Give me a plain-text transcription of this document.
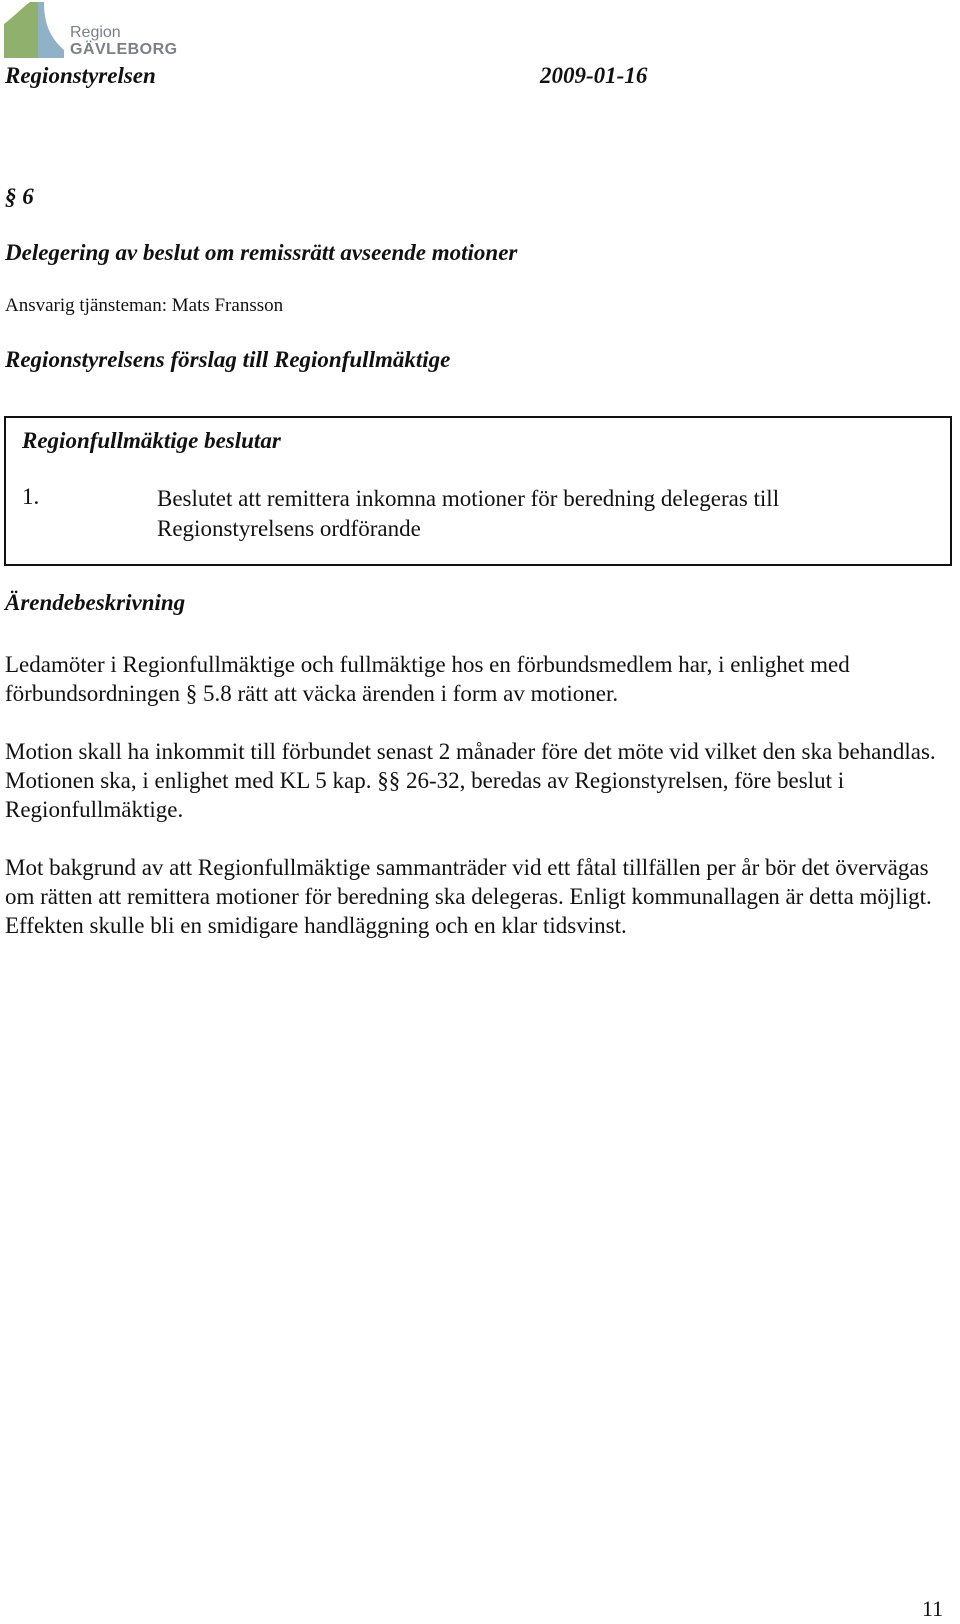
Region
GÄVLEBORG
Regionstyrelsen	2009-01-16
§ 6
Delegering av beslut om remissrätt avseende motioner
Ansvarig tjänsteman: Mats Fransson
Regionstyrelsens förslag till Regionfullmäktige
Regionfullmäktige beslutar
1.	Beslutet att remittera inkomna motioner för beredning delegeras till Regionstyrelsens ordförande
Ärendebeskrivning
Ledamöter i Regionfullmäktige och fullmäktige hos en förbundsmedlem har, i enlighet med förbundsordningen § 5.8 rätt att väcka ärenden i form av motioner.
Motion skall ha inkommit till förbundet senast 2 månader före det möte vid vilket den ska behandlas. Motionen ska, i enlighet med KL 5 kap. §§ 26-32, beredas av Regionstyrelsen, före beslut i Regionfullmäktige.
Mot bakgrund av att Regionfullmäktige sammanträder vid ett fåtal tillfällen per år bör det övervägas om rätten att remittera motioner för beredning ska delegeras. Enligt kommunallagen är detta möjligt. Effekten skulle bli en smidigare handläggning och en klar tidsvinst.
11
